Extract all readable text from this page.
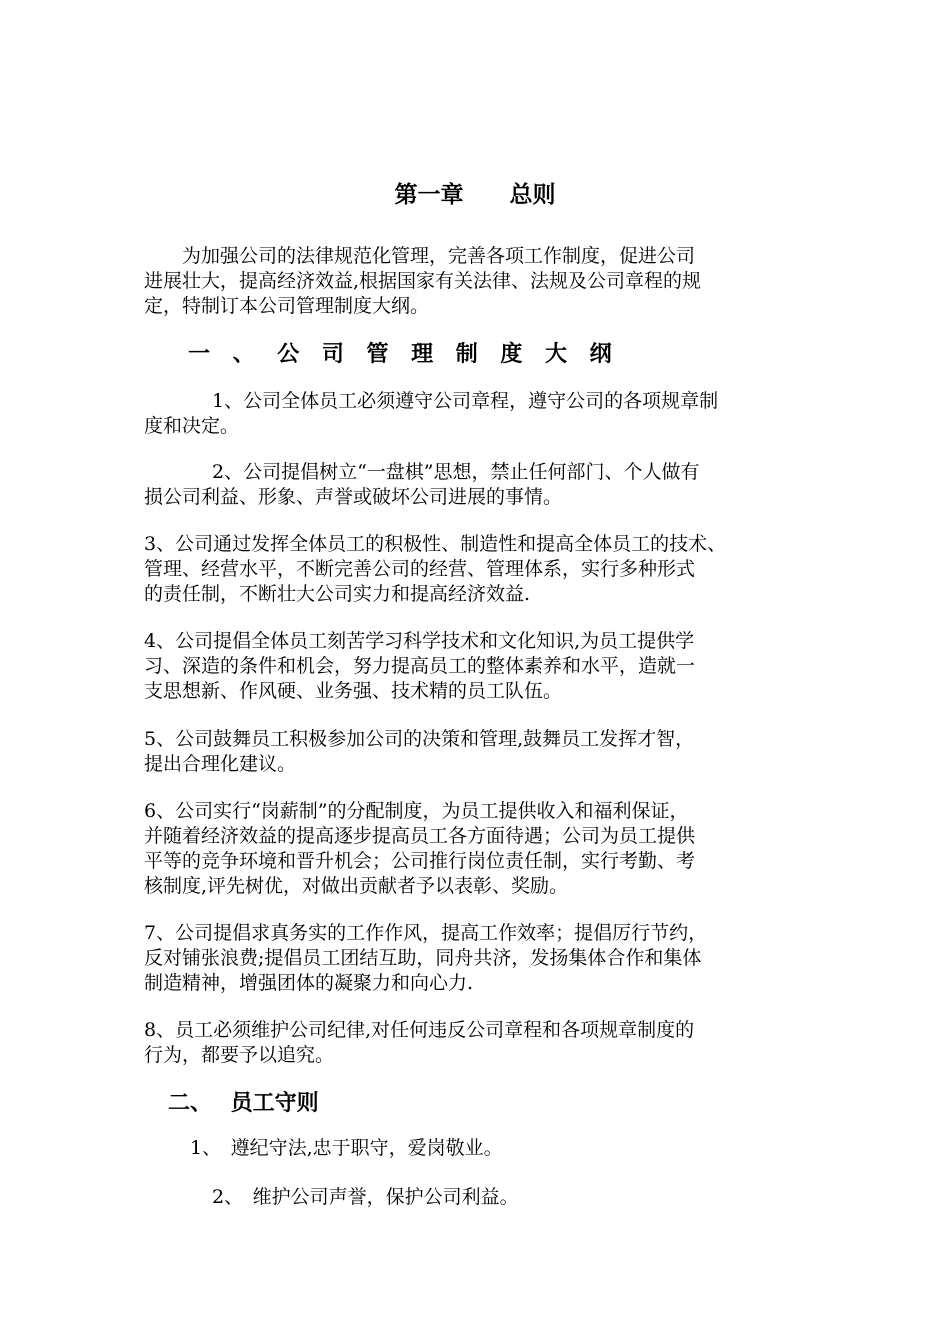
第一章　　总则
为加强公司的法律规范化管理，完善各项工作制度，促进公司
进展壮大，提高经济效益,根据国家有关法律、法规及公司章程的规
定，特制订本公司管理制度大纲。
一 、 公 司 管 理 制 度 大 纲
1、公司全体员工必须遵守公司章程，遵守公司的各项规章制
度和决定。
2、公司提倡树立“一盘棋”思想，禁止任何部门、个人做有
损公司利益、形象、声誉或破坏公司进展的事情。
3、公司通过发挥全体员工的积极性、制造性和提高全体员工的技术、
管理、经营水平，不断完善公司的经营、管理体系，实行多种形式
的责任制，不断壮大公司实力和提高经济效益.
4、公司提倡全体员工刻苦学习科学技术和文化知识,为员工提供学
习、深造的条件和机会，努力提高员工的整体素养和水平，造就一
支思想新、作风硬、业务强、技术精的员工队伍。
5、公司鼓舞员工积极参加公司的决策和管理,鼓舞员工发挥才智，
提出合理化建议。
6、公司实行“岗薪制”的分配制度，为员工提供收入和福利保证，
并随着经济效益的提高逐步提高员工各方面待遇；公司为员工提供
平等的竞争环境和晋升机会；公司推行岗位责任制，实行考勤、考
核制度,评先树优，对做出贡献者予以表彰、奖励。
7、公司提倡求真务实的工作作风，提高工作效率；提倡厉行节约，
反对铺张浪费;提倡员工团结互助，同舟共济，发扬集体合作和集体
制造精神，增强团体的凝聚力和向心力.
8、员工必须维护公司纪律,对任何违反公司章程和各项规章制度的
行为，都要予以追究。
二、　 员工守则
1、　遵纪守法,忠于职守，爱岗敬业。
2、　维护公司声誉，保护公司利益。
